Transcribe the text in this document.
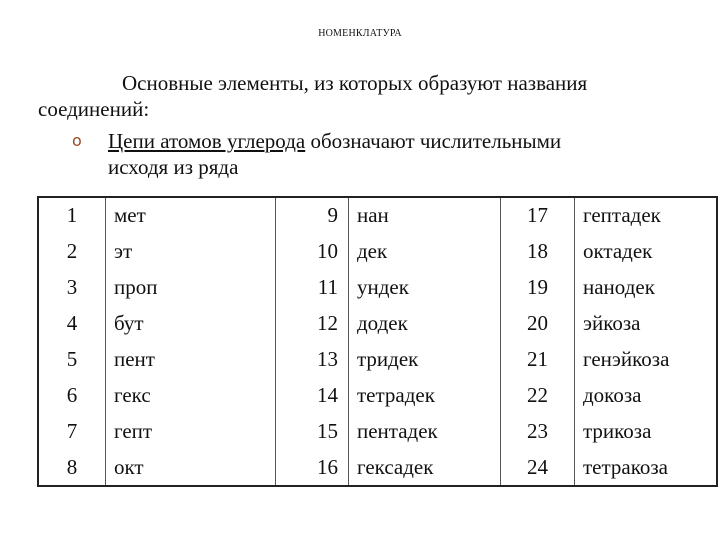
НОМЕНКЛАТУРА
Основные элементы, из которых образуют названия
соединений:
o	Цепи атомов углерода обозначают числительными
исходя из ряда
1	мет	9	нан	17	гептадек
2	эт	10	дек	18	октадек
3	проп	11	ундек	19	нанодек
4	бут	12	додек	20	эйкоза
5	пент	13	тридек	21	генэйкоза
6	гекс	14	тетрадек	22	докоза
7	гепт	15	пентадек	23	трикоза
8	окт	16	гексадек	24	тетракоза
